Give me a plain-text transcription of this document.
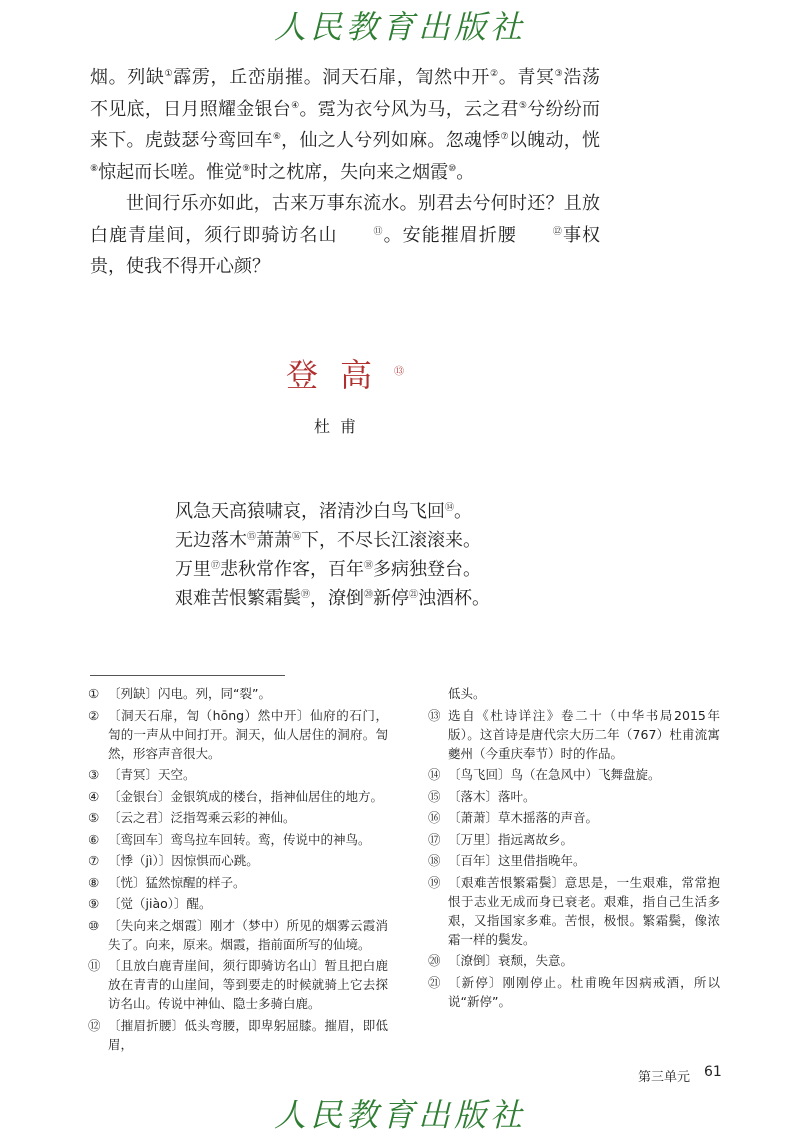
人民教育出版社

烟。列缺①霹雳，丘峦崩摧。洞天石扉，訇然中开②。青冥③浩荡不见底，日月照耀金银台④。霓为衣兮风为马，云之君⑤兮纷纷而来下。虎鼓瑟兮鸾回车⑥，仙之人兮列如麻。忽魂悸⑦以魄动，恍⑧惊起而长嗟。惟觉⑨时之枕席，失向来之烟霞⑩。

世间行乐亦如此，古来万事东流水。别君去兮何时还？且放白鹿青崖间，须行即骑访名山	⑪。安能摧眉折腰	⑫事权贵，使我不得开心颜？

登高⑬
杜甫
风急天高猿啸哀，渚清沙白鸟飞回⑭。
无边落木⑮萧萧⑯下，不尽长江滚滚来。
万里⑰悲秋常作客，百年⑱多病独登台。
艰难苦恨繁霜鬓⑲，潦倒⑳新停㉑浊酒杯。
① 〔列缺〕闪电。列，同“裂”。
② 〔洞天石扉，訇（hōng）然中开〕仙府的石门，訇的一声从中间打开。洞天，仙人居住的洞府。訇然，形容声音很大。
③ 〔青冥〕天空。
④ 〔金银台〕金银筑成的楼台，指神仙居住的地方。
⑤ 〔云之君〕泛指驾乘云彩的神仙。
⑥ 〔鸾回车〕鸾鸟拉车回转。鸾，传说中的神鸟。
⑦ 〔悸（jì）〕因惊惧而心跳。
⑧ 〔恍〕猛然惊醒的样子。
⑨ 〔觉（jiào）〕醒。
⑩ 〔失向来之烟霞〕刚才（梦中）所见的烟雾云霞消失了。向来，原来。烟霞，指前面所写的仙境。
⑪ 〔且放白鹿青崖间，须行即骑访名山〕暂且把白鹿放在青青的山崖间，等到要走的时候就骑上它去探访名山。传说中神仙、隐士多骑白鹿。
⑫ 〔摧眉折腰〕低头弯腰，即卑躬屈膝。摧眉，即低眉，
低头。
⑬ 选自《杜诗详注》卷二十（中华书局2015年版）。这首诗是唐代宗大历二年（767）杜甫流寓夔州（今重庆奉节）时的作品。
⑭ 〔鸟飞回〕鸟（在急风中）飞舞盘旋。
⑮ 〔落木〕落叶。
⑯ 〔萧萧〕草木摇落的声音。
⑰ 〔万里〕指远离故乡。
⑱ 〔百年〕这里借指晚年。
⑲ 〔艰难苦恨繁霜鬓〕意思是，一生艰难，常常抱恨于志业无成而身已衰老。艰难，指自己生活多艰，又指国家多难。苦恨，极恨。繁霜鬓，像浓霜一样的鬓发。
⑳ 〔潦倒〕衰颓，失意。
㉑ 〔新停〕刚刚停止。杜甫晚年因病戒酒，所以说“新停”。
第三单元 61
人民教育出版社
